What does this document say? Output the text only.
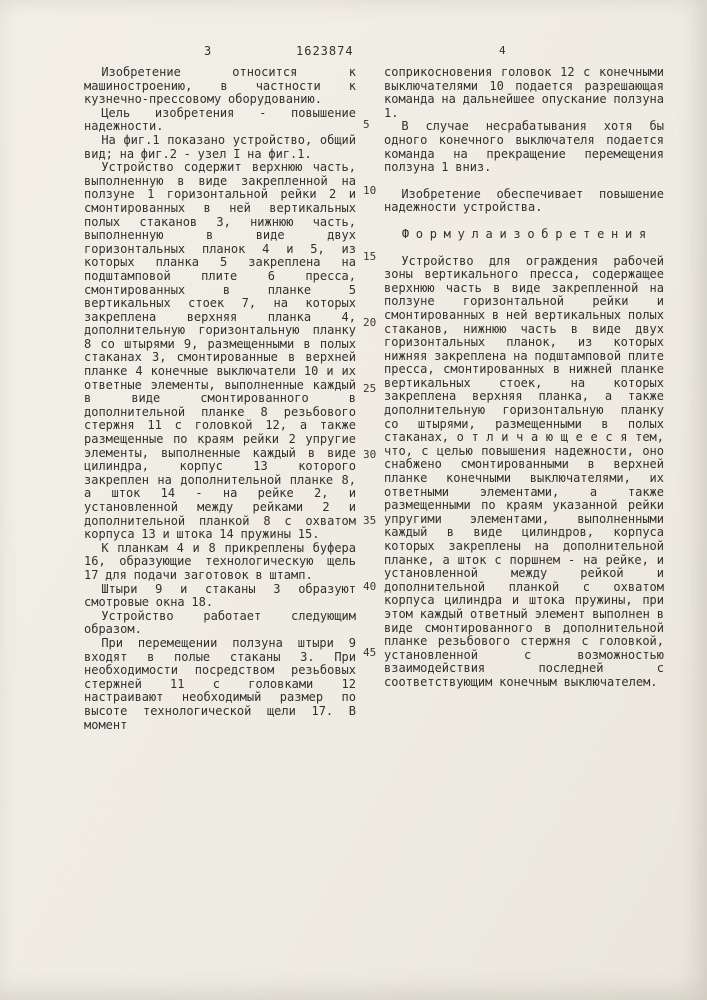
3	1623874	4

Изобретение относится к машиностроению, в частности к кузнечно-прессовому оборудованию.

Цель изобретения - повышение надежности.

На фиг.1 показано устройство, общий вид; на фиг.2 - узел I на фиг.1.

Устройство содержит верхнюю часть, выполненную в виде закрепленной на ползуне 1 горизонтальной рейки 2 и смонтированных в ней вертикальных полых стаканов 3, нижнюю часть, выполненную в виде двух горизонтальных планок 4 и 5, из которых планка 5 закреплена на подштамповой плите 6 пресса, смонтированных в планке 5 вертикальных стоек 7, на которых закреплена верхняя планка 4, дополнительную горизонтальную планку 8 со штырями 9, размещенными в полых стаканах 3, смонтированные в верхней планке 4 конечные выключатели 10 и их ответные элементы, выполненные каждый в виде смонтированного в дополнительной планке 8 резьбового стержня 11 с головкой 12, а также размещенные по краям рейки 2 упругие элементы, выполненные каждый в виде цилиндра, корпус 13 которого закреплен на дополнительной планке 8, а шток 14 - на рейке 2, и установленной между рейками 2 и дополнительной планкой 8 с охватом корпуса 13 и штока 14 пружины 15.

К планкам 4 и 8 прикреплены буфера 16, образующие технологическую щель 17 для подачи заготовок в штамп.

Штыри 9 и стаканы 3 образуют смотровые окна 18.

Устройство работает следующим образом.

При перемещении ползуна штыри 9 входят в полые стаканы 3. При необходимости посредством резьбовых стержней 11 с головками 12 настраивают необходимый размер по высоте технологической щели 17. В момент

5
10
15
20
25
30
35
40
45

соприкосновения головок 12 с конечными выключателями 10 подается разрешающая команда на дальнейшее опускание ползуна 1.

В случае несрабатывания хотя бы одного конечного выключателя подается команда на прекращение перемещения ползуна 1 вниз.

Изобретение обеспечивает повышение надежности устройства.

Ф о р м у л а и з о б р е т е н и я

Устройство для ограждения рабочей зоны вертикального пресса, содержащее верхнюю часть в виде закрепленной на ползуне горизонтальной рейки и смонтированных в ней вертикальных полых стаканов, нижнюю часть в виде двух горизонтальных планок, из которых нижняя закреплена на подштамповой плите пресса, смонтированных в нижней планке вертикальных стоек, на которых закреплена верхняя планка, а также дополнительную горизонтальную планку со штырями, размещенными в полых стаканах, о т л и ч а ю щ е е с я тем, что, с целью повышения надежности, оно снабжено смонтированными в верхней планке конечными выключателями, их ответными элементами, а также размещенными по краям указанной рейки упругими элементами, выполненными каждый в виде цилиндров, корпуса которых закреплены на дополнительной планке, а шток с поршнем - на рейке, и установленной между рейкой и дополнительной планкой с охватом корпуса цилиндра и штока пружины, при этом каждый ответный элемент выполнен в виде смонтированного в дополнительной планке резьбового стержня с головкой, установленной с возможностью взаимодействия последней с соответствующим конечным выключателем.
